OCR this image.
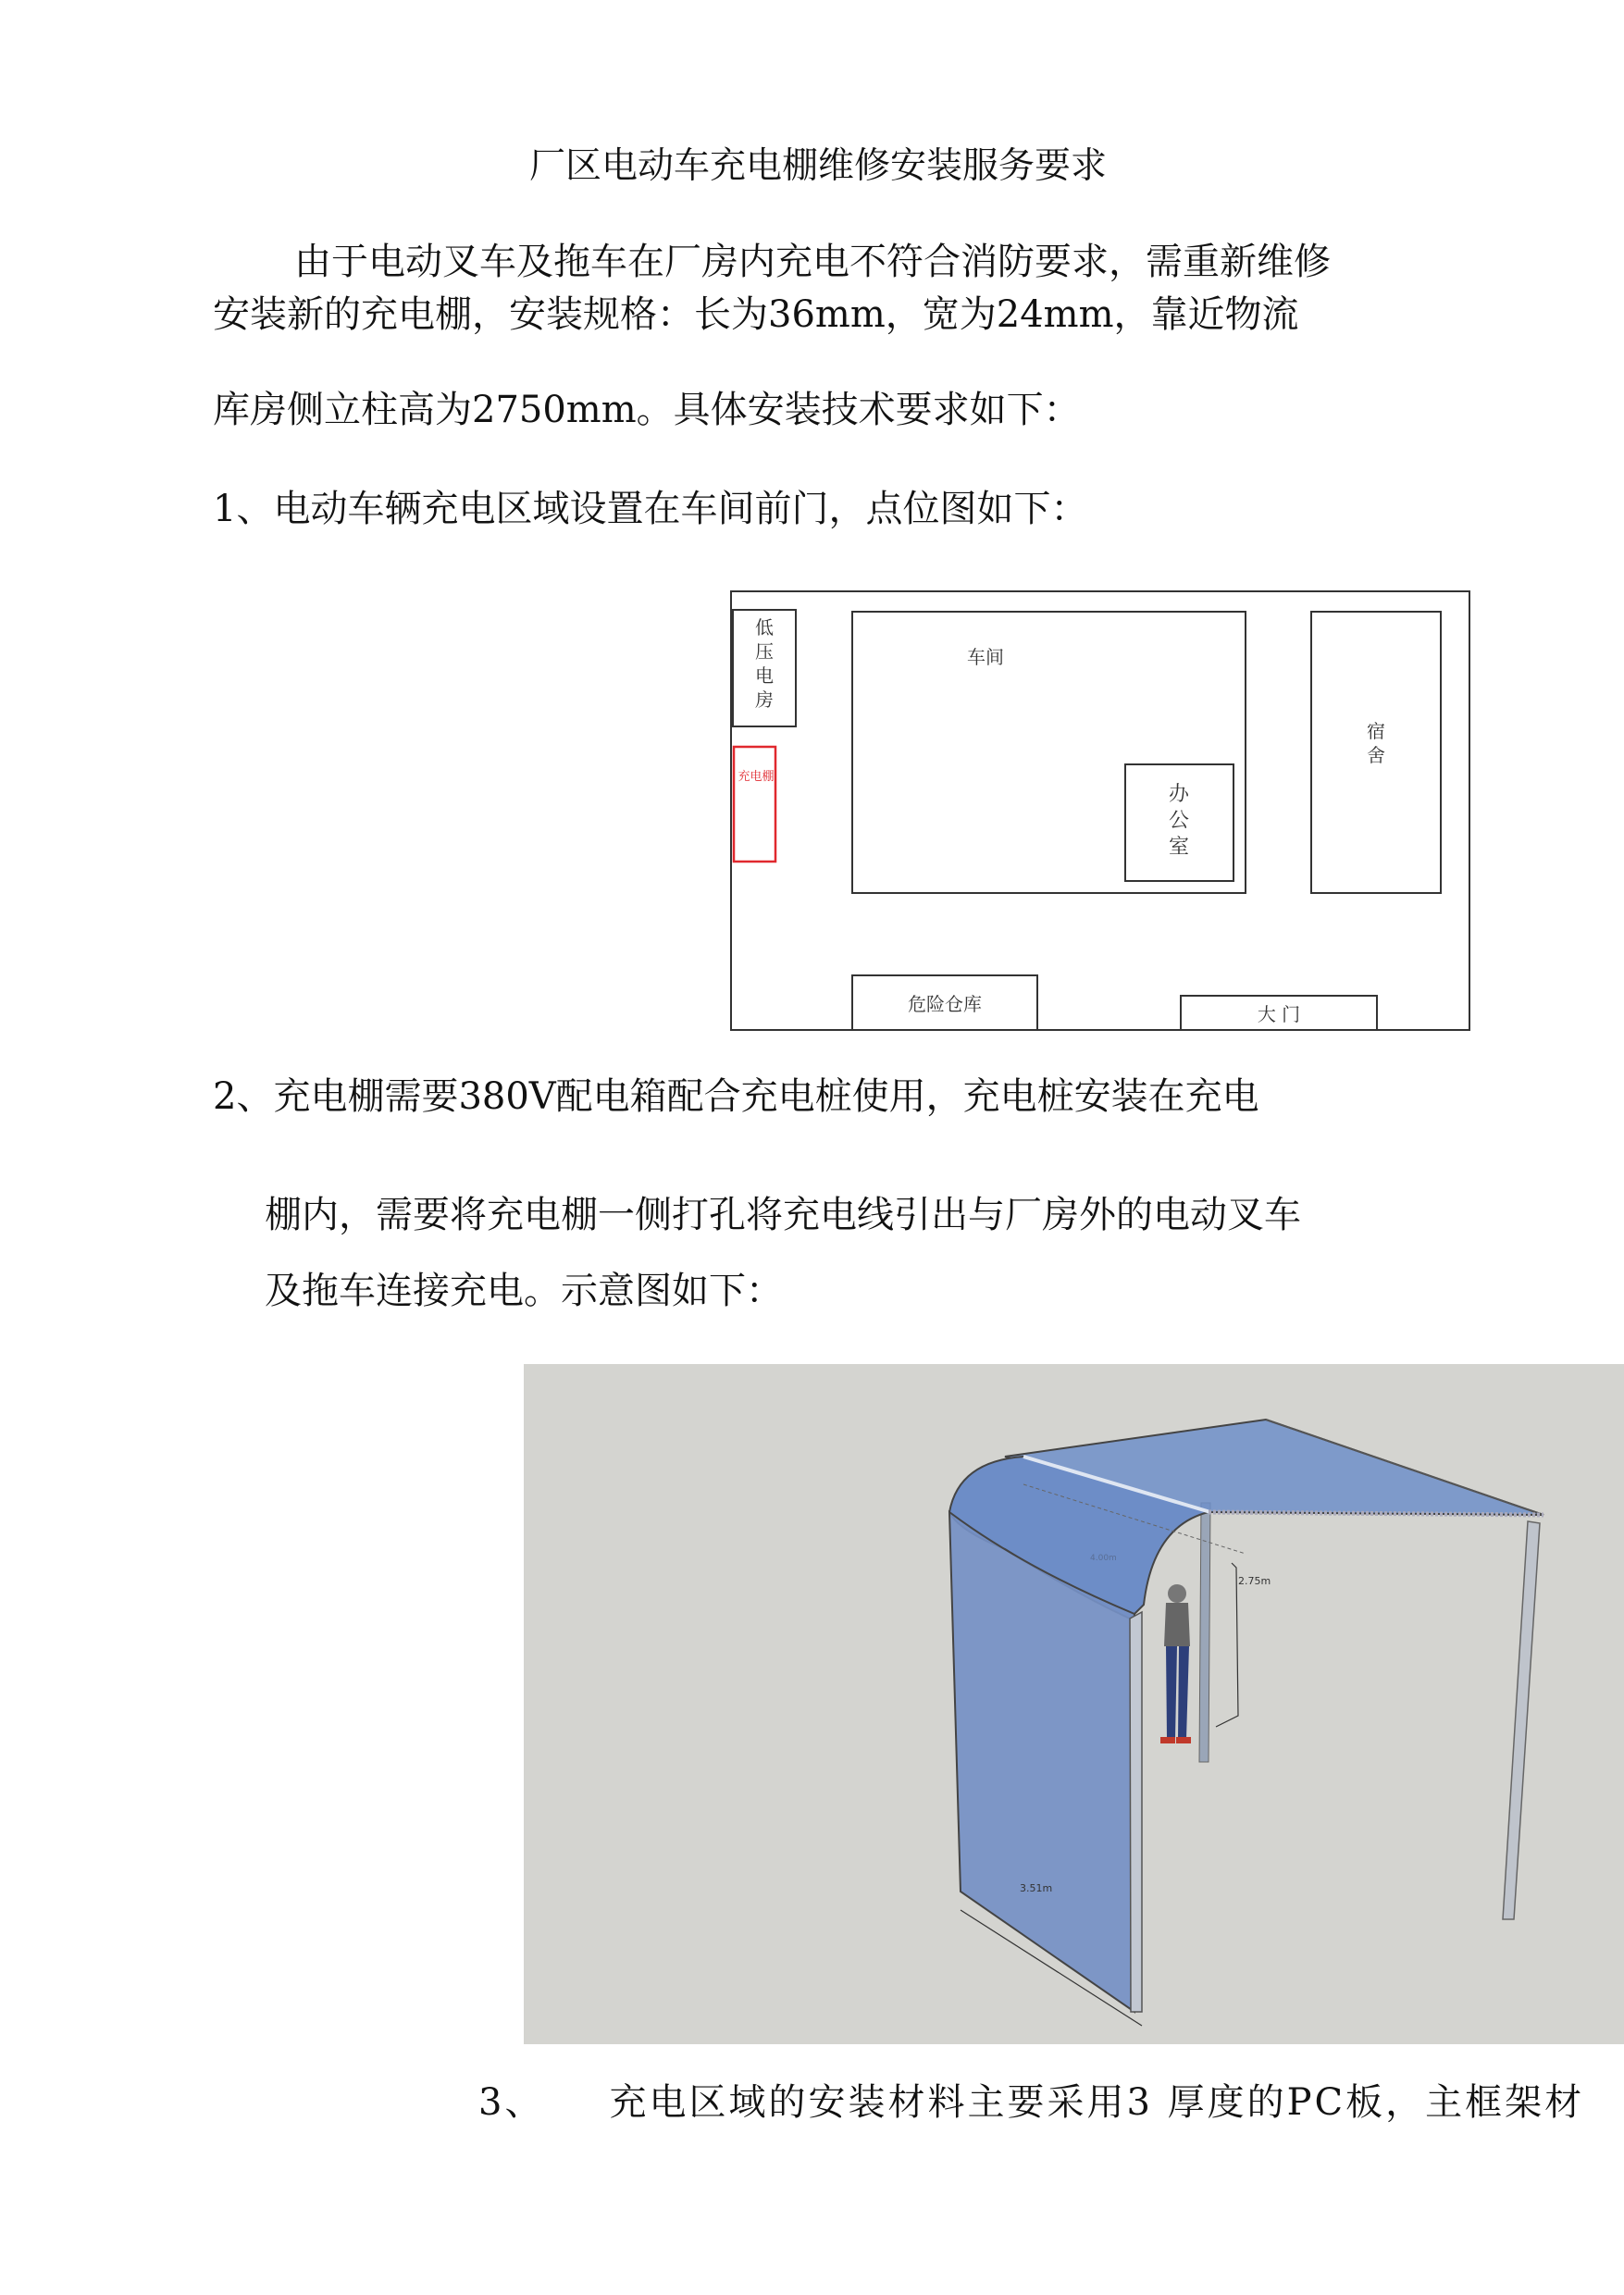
厂区电动车充电棚维修安装服务要求
由于电动叉车及拖车在厂房内充电不符合消防要求，需重新维修
安装新的充电棚，安装规格：长为36mm，宽为24mm，靠近物流
库房侧立柱高为2750mm。具体安装技术要求如下：
1、电动车辆充电区域设置在车间前门，点位图如下：
低压电房
车间
办公室
宿舍
危险仓库	大 门
充电棚
2、充电棚需要380V配电箱配合充电桩使用，充电桩安装在充电
棚内，需要将充电棚一侧打孔将充电线引出与厂房外的电动叉车
及拖车连接充电。示意图如下：
2.75m
3.51m
4.00m
3、 充电区域的安装材料主要采用3 厚度的PC板，主框架材
